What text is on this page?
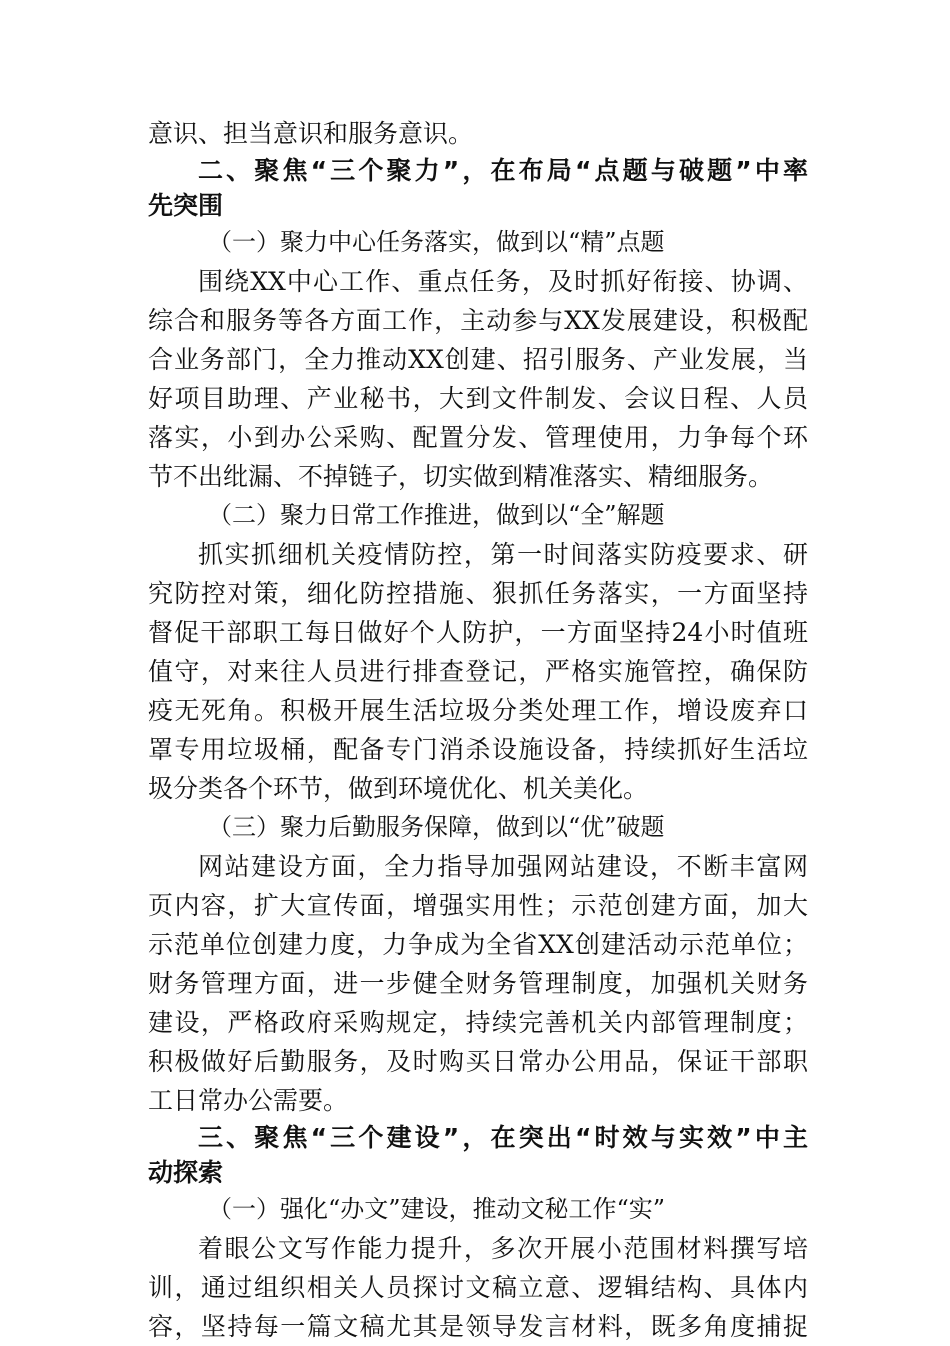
意识、担当意识和服务意识。
二、聚焦“三个聚力”，在布局“点题与破题”中率
先突围
（一）聚力中心任务落实，做到以“精”点题
围绕XX中心工作、重点任务，及时抓好衔接、协调、
综合和服务等各方面工作，主动参与XX发展建设，积极配
合业务部门，全力推动XX创建、招引服务、产业发展，当
好项目助理、产业秘书，大到文件制发、会议日程、人员
落实，小到办公采购、配置分发、管理使用，力争每个环
节不出纰漏、不掉链子，切实做到精准落实、精细服务。
（二）聚力日常工作推进，做到以“全”解题
抓实抓细机关疫情防控，第一时间落实防疫要求、研
究防控对策，细化防控措施、狠抓任务落实，一方面坚持
督促干部职工每日做好个人防护，一方面坚持24小时值班
值守，对来往人员进行排查登记，严格实施管控，确保防
疫无死角。积极开展生活垃圾分类处理工作，增设废弃口
罩专用垃圾桶，配备专门消杀设施设备，持续抓好生活垃
圾分类各个环节，做到环境优化、机关美化。
（三）聚力后勤服务保障，做到以“优”破题
网站建设方面，全力指导加强网站建设，不断丰富网
页内容，扩大宣传面，增强实用性；示范创建方面，加大
示范单位创建力度，力争成为全省XX创建活动示范单位；
财务管理方面，进一步健全财务管理制度，加强机关财务
建设，严格政府采购规定，持续完善机关内部管理制度；
积极做好后勤服务，及时购买日常办公用品，保证干部职
工日常办公需要。
三、聚焦“三个建设”，在突出“时效与实效”中主
动探索
（一）强化“办文”建设，推动文秘工作“实”
着眼公文写作能力提升，多次开展小范围材料撰写培
训，通过组织相关人员探讨文稿立意、逻辑结构、具体内
容，坚持每一篇文稿尤其是领导发言材料，既多角度捕捉
